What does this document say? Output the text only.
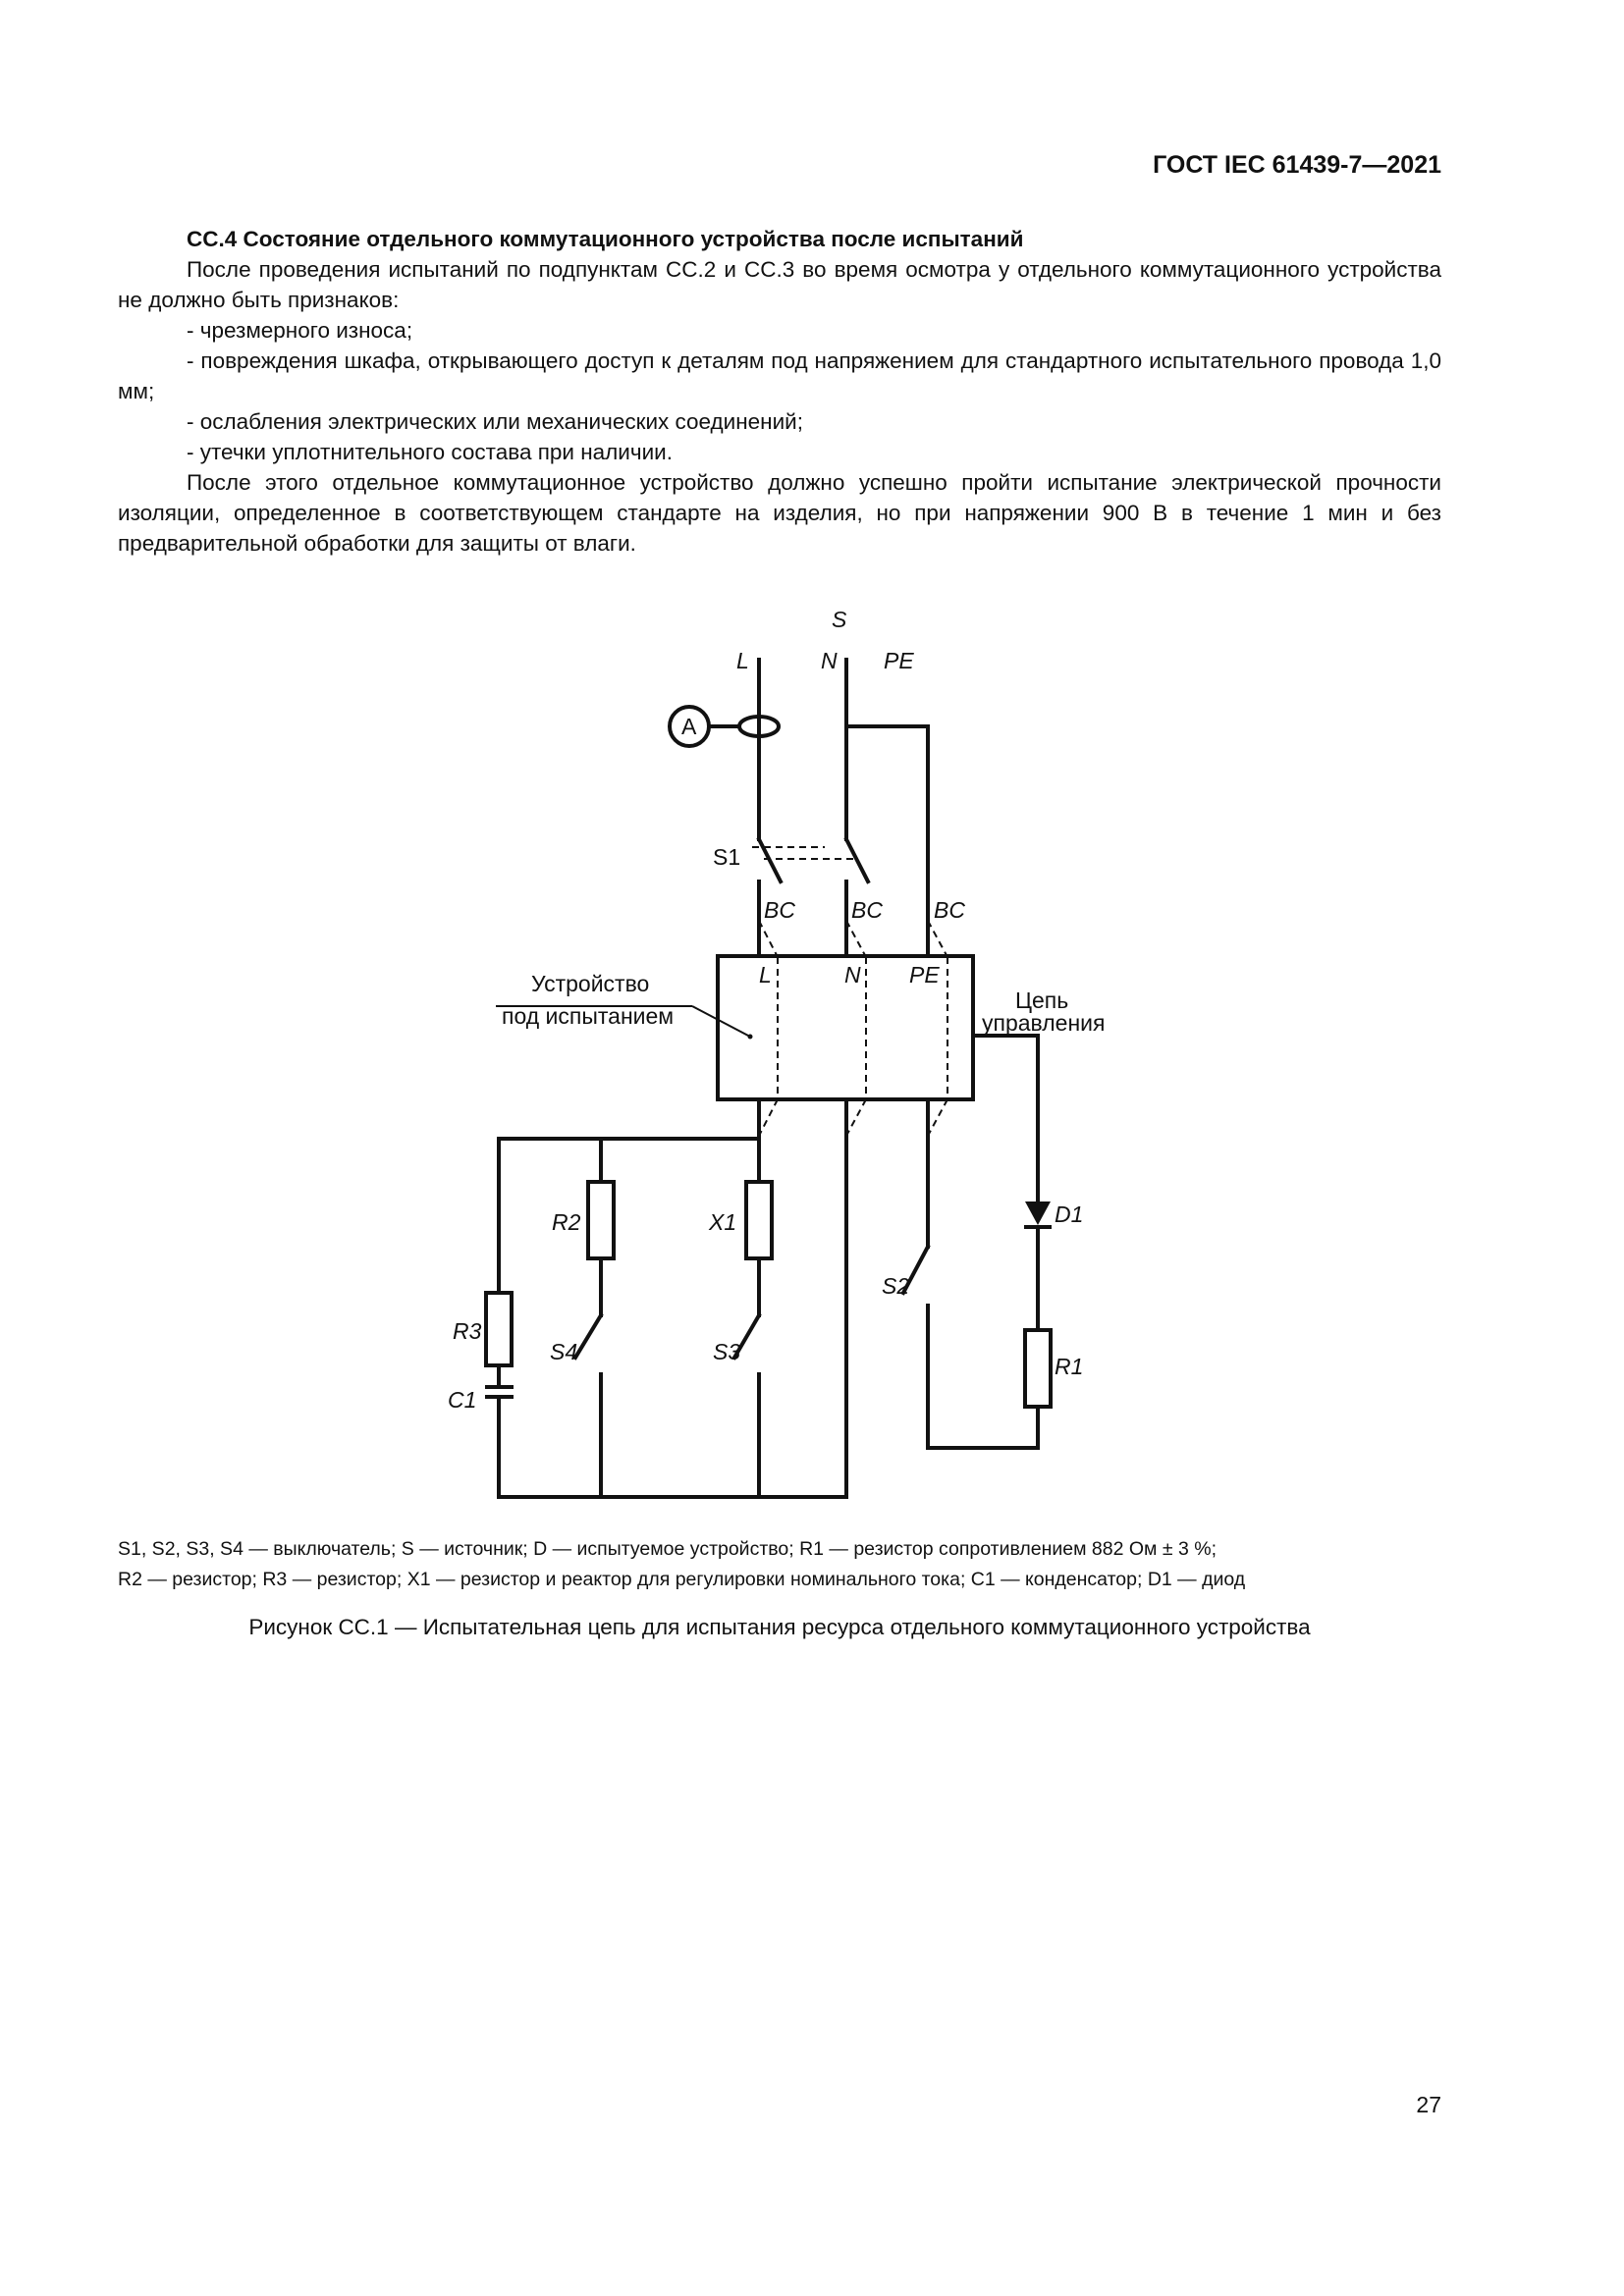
ГОСТ IEC 61439-7—2021

CC.4 Состояние отдельного коммутационного устройства после испытаний

После проведения испытаний по подпунктам СС.2 и СС.3 во время осмотра у отдельного коммутационного устройства не должно быть признаков:

- чрезмерного износа;

- повреждения шкафа, открывающего доступ к деталям под напряжением для стандартного испытательного провода 1,0 мм;

- ослабления электрических или механических соединений;

- утечки уплотнительного состава при наличии.

После этого отдельное коммутационное устройство должно успешно пройти испытание электрической прочности изоляции, определенное в соответствующем стандарте на изделия, но при напряжении 900 В в течение 1 мин и без предварительной обработки для защиты от влаги.

S
L	N PE
A
S1
BC BC BC
L	N PE
Устройство
под испытанием
Цепь
управления
R2	X1	D1
S2
R3
S4	S3
R1
C1
S1, S2, S3, S4 — выключатель; S — источник; D — испытуемое устройство; R1 — резистор сопротивлением 882 Ом ± 3 %;
R2 — резистор; R3 — резистор; X1 — резистор и реактор для регулировки номинального тока; C1 — конденсатор; D1 — диод
Рисунок СС.1 — Испытательная цепь для испытания ресурса отдельного коммутационного устройства
27
